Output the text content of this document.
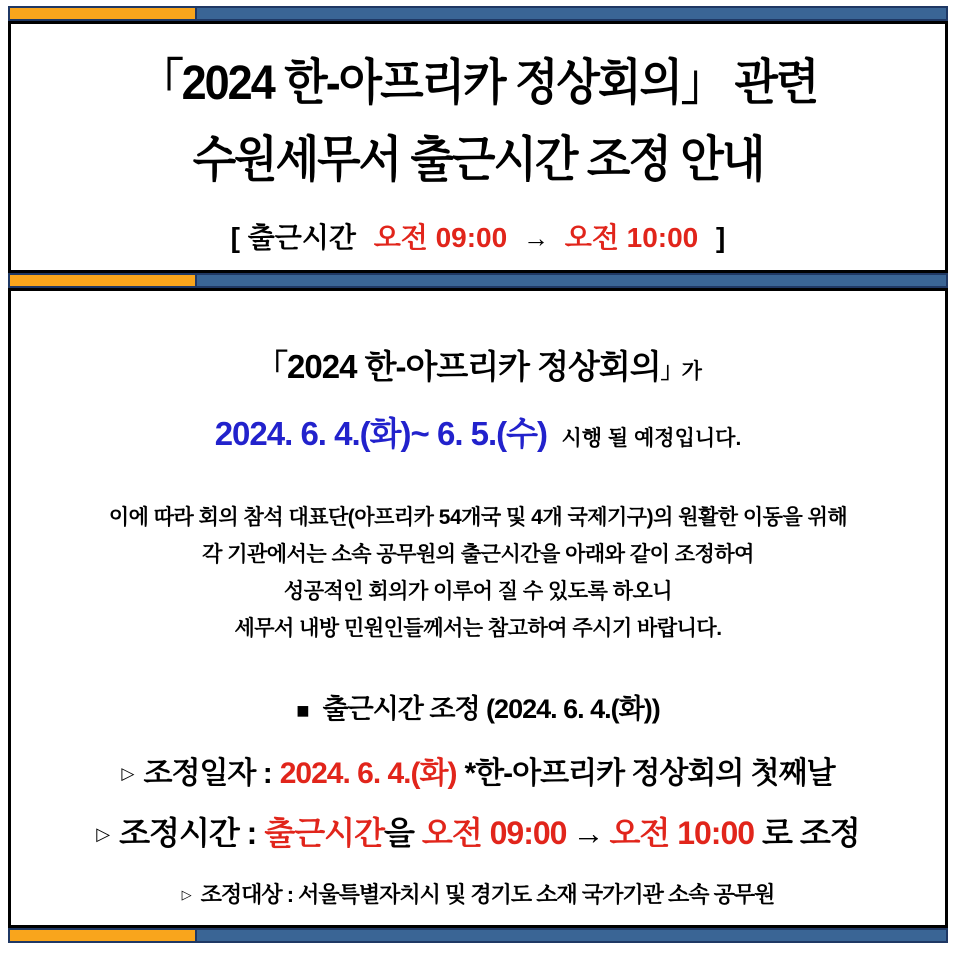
「2024 한-아프리카 정상회의」 관련
수원세무서 출근시간 조정 안내
[ 출근시간 오전 09:00 → 오전 10:00 ]
「2024 한-아프리카 정상회의」가
2024. 6. 4.(화)~ 6. 5.(수) 시행 될 예정입니다.
이에 따라 회의 참석 대표단(아프리카 54개국 및 4개 국제기구)의 원활한 이동을 위해
각 기관에서는 소속 공무원의 출근시간을 아래와 같이 조정하여
성공적인 회의가 이루어 질 수 있도록 하오니
세무서 내방 민원인들께서는 참고하여 주시기 바랍니다.
■ 출근시간 조정 (2024. 6. 4.(화))
▷ 조정일자 : 2024. 6. 4.(화) *한-아프리카 정상회의 첫째날
▷ 조정시간 : 출근시간을 오전 09:00 → 오전 10:00 로 조정
▷ 조정대상 : 서울특별자치시 및 경기도 소재 국가기관 소속 공무원
